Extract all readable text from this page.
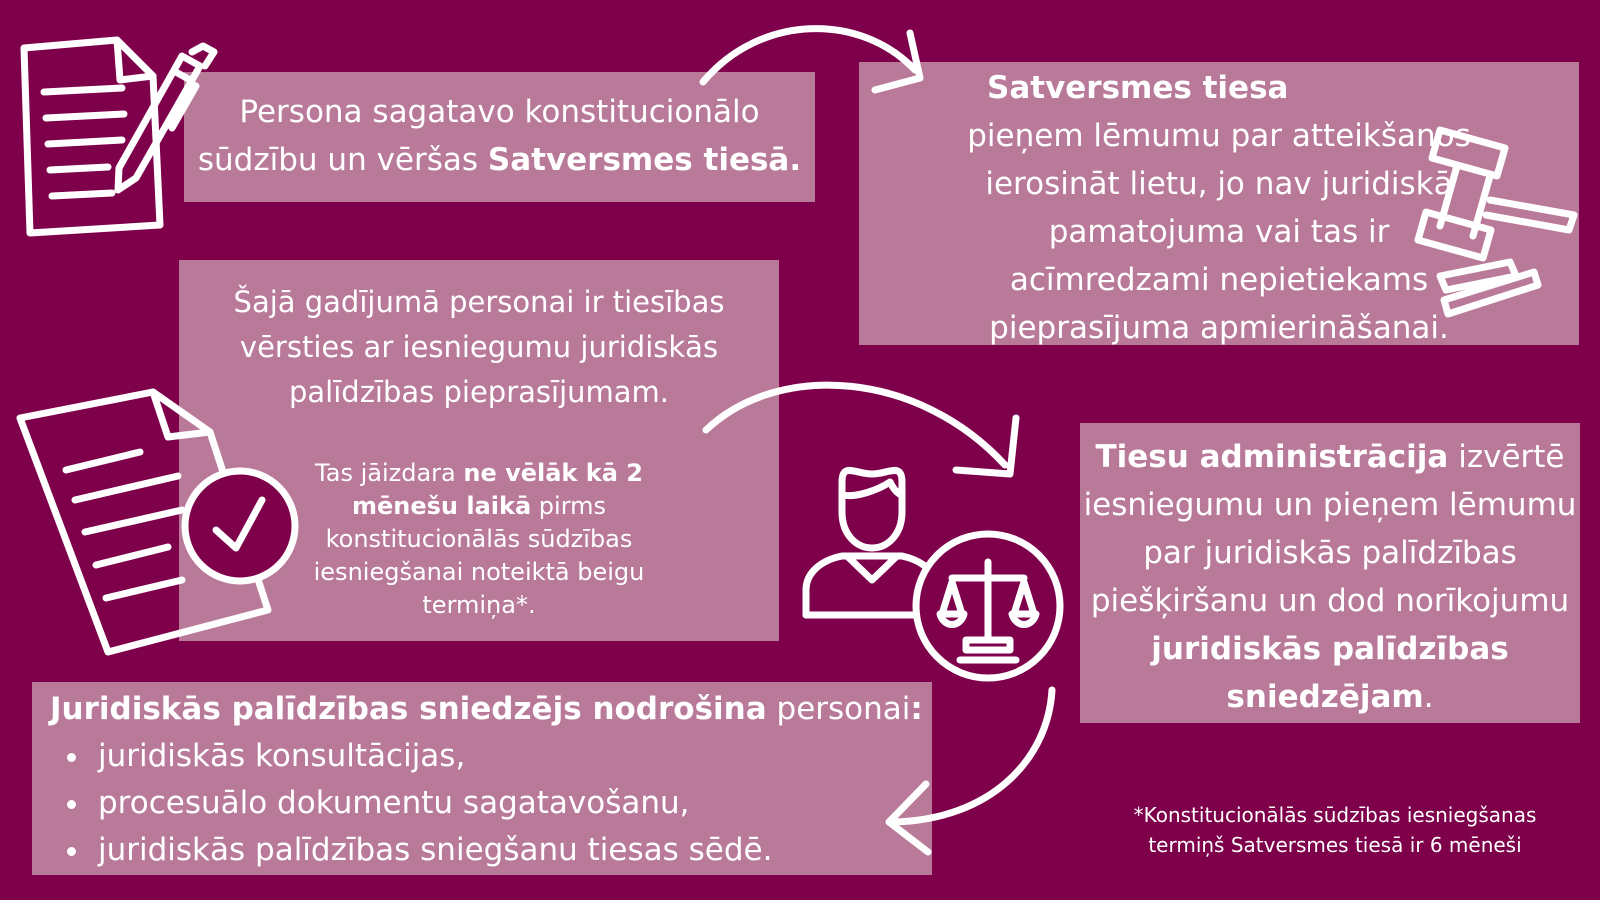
Persona sagatavo konstitucionālo
sūdzību un vēršas Satversmes tiesā.
Satversmes tiesa
pieņem lēmumu par atteikšanos
ierosināt lietu, jo nav juridiskā
pamatojuma vai tas ir
acīmredzami nepietiekams
pieprasījuma apmierināšanai.
Šajā gadījumā personai ir tiesības
vērsties ar iesniegumu juridiskās
palīdzības pieprasījumam.
Tas jāizdara ne vēlāk kā 2 mēnešu laikā pirms konstitucionālās sūdzības iesniegšanai noteiktā beigu termiņa*.
Tiesu administrācija izvērtē iesniegumu un pieņem lēmumu par juridiskās palīdzības piešķiršanu un dod norīkojumu juridiskās palīdzības sniedzējam.
Juridiskās palīdzības sniedzējs nodrošina personai:
• juridiskās konsultācijas,
• procesuālo dokumentu sagatavošanu,
• juridiskās palīdzības sniegšanu tiesas sēdē.
*Konstitucionālās sūdzības iesniegšanas
termiņš Satversmes tiesā ir 6 mēneši
